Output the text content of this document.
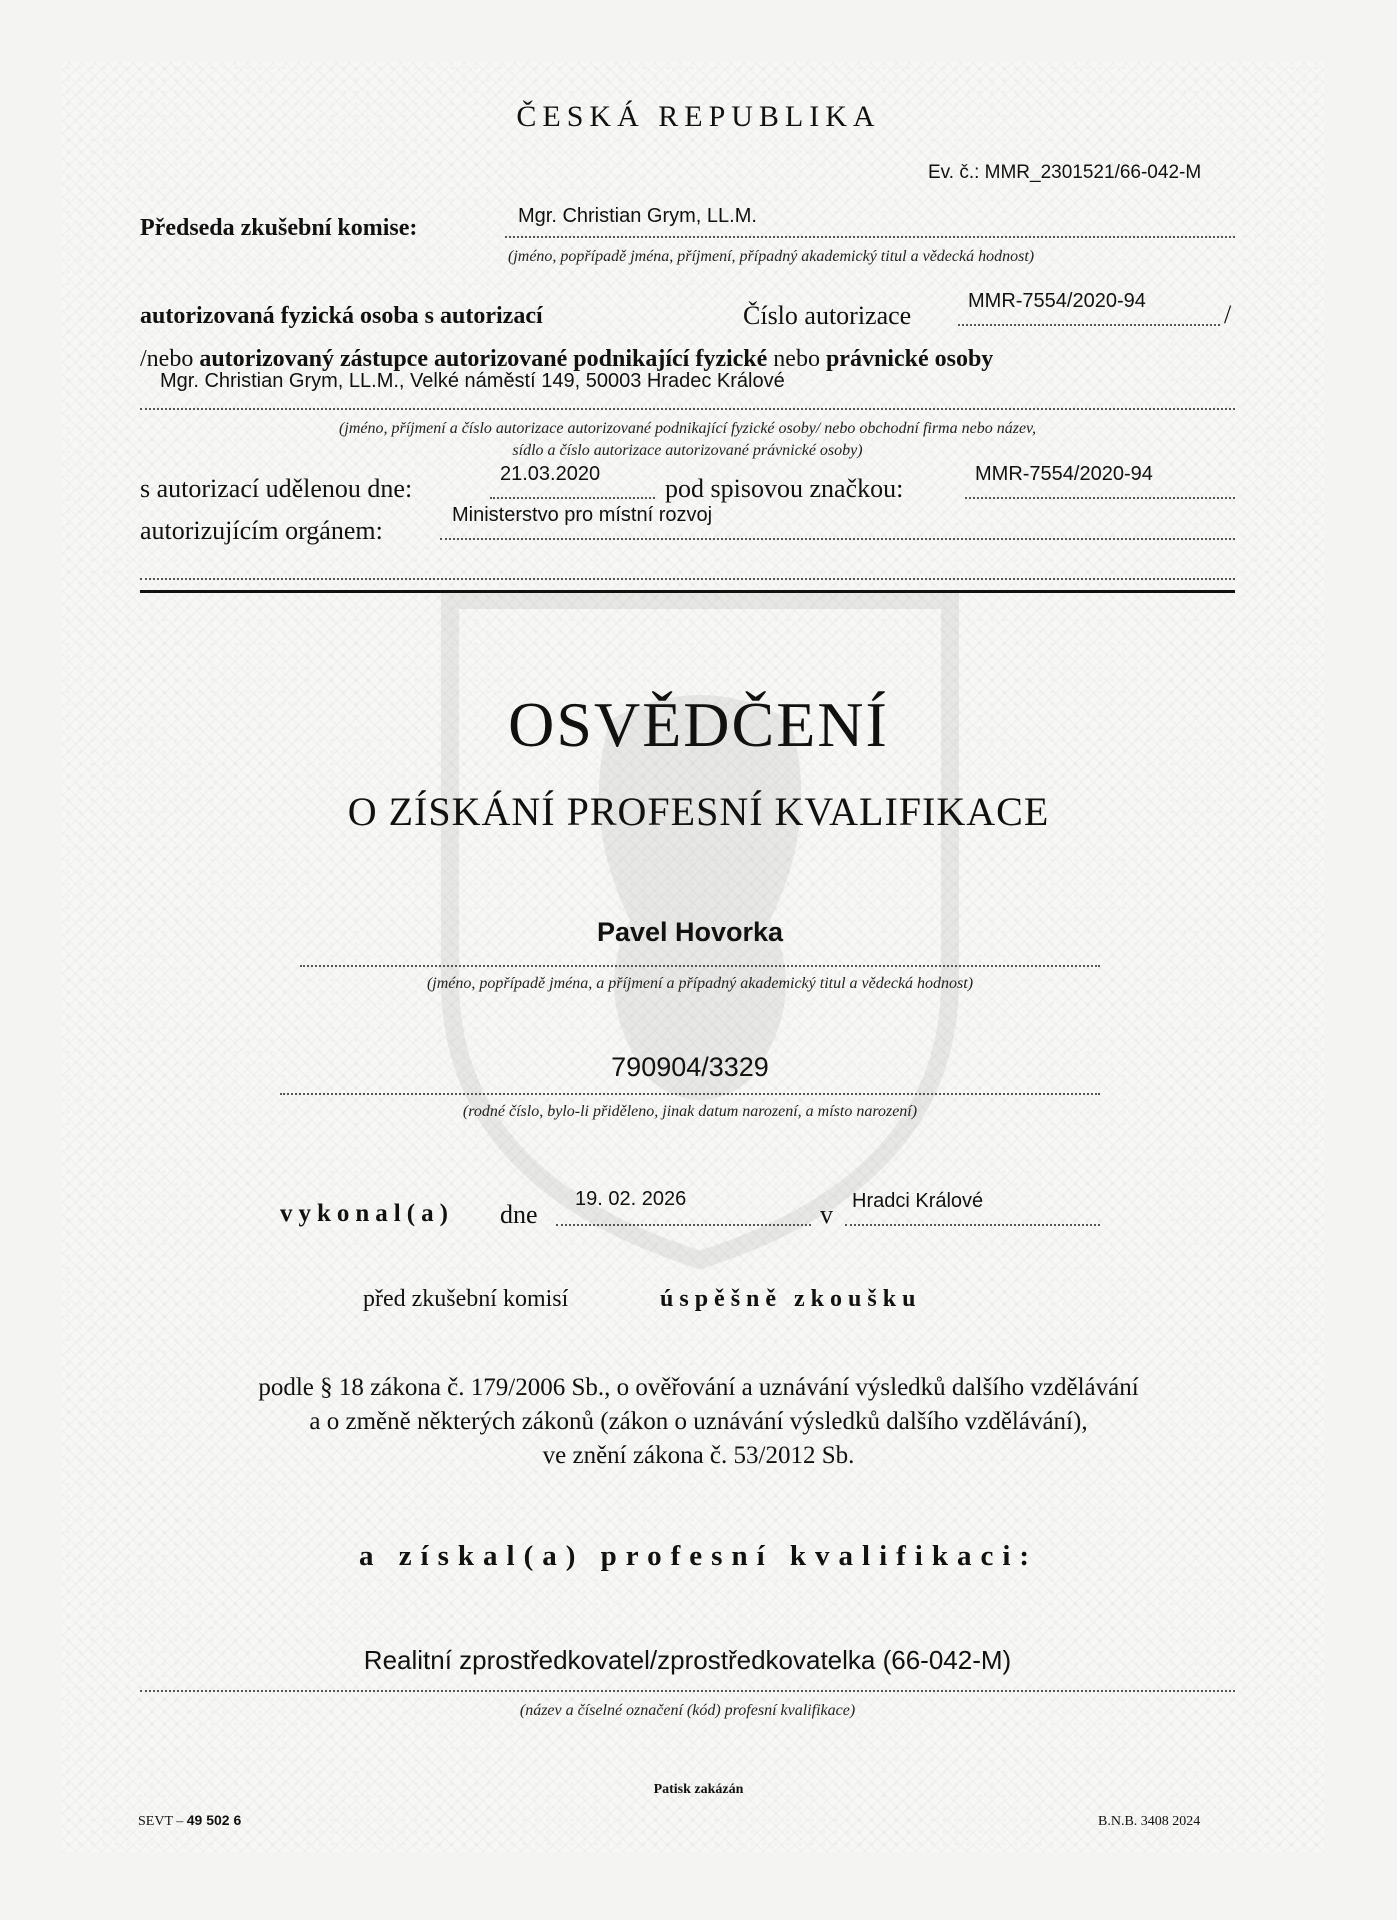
ČESKÁ REPUBLIKA
Ev. č.: MMR_2301521/66-042-M
Předseda zkušební komise:	Mgr. Christian Grym, LL.M.
(jméno, popřípadě jména, příjmení, případný akademický titul a vědecká hodnost)
autorizovaná fyzická osoba s autorizací	Číslo autorizace	MMR-7554/2020-94	/
/nebo autorizovaný zástupce autorizované podnikající fyzické nebo právnické osoby
Mgr. Christian Grym, LL.M., Velké náměstí 149, 50003 Hradec Králové
(jméno, příjmení a číslo autorizace autorizované podnikající fyzické osoby/ nebo obchodní firma nebo název,
sídlo a číslo autorizace autorizované právnické osoby)
s autorizací udělenou dne:	21.03.2020 pod spisovou značkou:	MMR-7554/2020-94
autorizujícím orgánem:
Ministerstvo pro místní rozvoj
OSVĚDČENÍ
O ZÍSKÁNÍ PROFESNÍ KVALIFIKACE
Pavel Hovorka
(jméno, popřípadě jména, a příjmení a případný akademický titul a vědecká hodnost)
790904/3329
(rodné číslo, bylo-li přiděleno, jinak datum narození, a místo narození)
vykonal(a) dne
19. 02. 2026
v Hradci Králové
před zkušební komisí	úspěšně zkoušku
podle § 18 zákona č. 179/2006 Sb., o ověřování a uznávání výsledků dalšího vzdělávání
a o změně některých zákonů (zákon o uznávání výsledků dalšího vzdělávání),
ve znění zákona č. 53/2012 Sb.
a získal(a) profesní kvalifikaci:
Realitní zprostředkovatel/zprostředkovatelka (66-042-M)
(název a číselné označení (kód) profesní kvalifikace)
Patisk zakázán
SEVT – 49 502 6	B.N.B. 3408 2024
